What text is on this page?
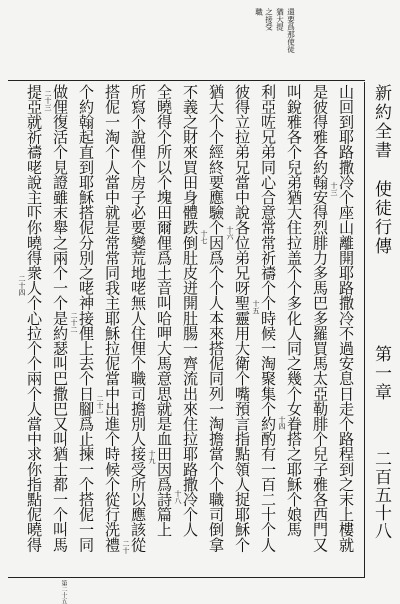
還要爲那使徒
猶大提
之接受
職
新約全書
使徒行傳
第一章
二百五十八
山回到耶路撒冷个座山離開耶路撒冷不過安息日走个路程到之末上樓就
是彼得雅各約翰安得烈腓力多馬巴多羅買馬太亞勒腓个兒子雅各西門又
叫銳雅各个兒弟猶大住拉盖个个多化人同之幾个女眷搭之耶穌个娘馬
利亞咗兄弟同心合意常常祈禱个个時候一淘聚集个約酌有一百二十个人
彼得立拉弟兄當中說各位弟兄呀聖靈用大衛个嘴預言指點領人捉耶穌个
猶大个个經終要應驗个因爲个个人本來搭伲同列一淘擔當个个職司倒拿
不義之財來買田身體跌倒肚皮迸開肚腸一齊流出來住拉耶路撒冷个人
全曉得个所以个塊田爾俚爲土音叫哈呷大馬意思就是血田因爲詩篇上
所寫个說俚个房子必要變荒地咾無人住俚个職司擔別人接受所以應該從
搭伲一淘个人當中就是常常同我主耶穌拉伲當中出進个時候个從行洗禮
个約翰起直到耶穌搭伲分別之咾神接俚上去个日腳爲止揀一个搭伲一同
做俚復活个見證雖末舉之兩个一个是約瑟叫巴撒巴又叫猶士都一个叫馬
提亞就祈禱咾說主吓你曉得衆人个心拉个个兩个人當中求你指點伲曉得	十三
十四
十五
十六
十七
十八
十九
二十
二十一
二十二
二十三
二十四
第二十五
